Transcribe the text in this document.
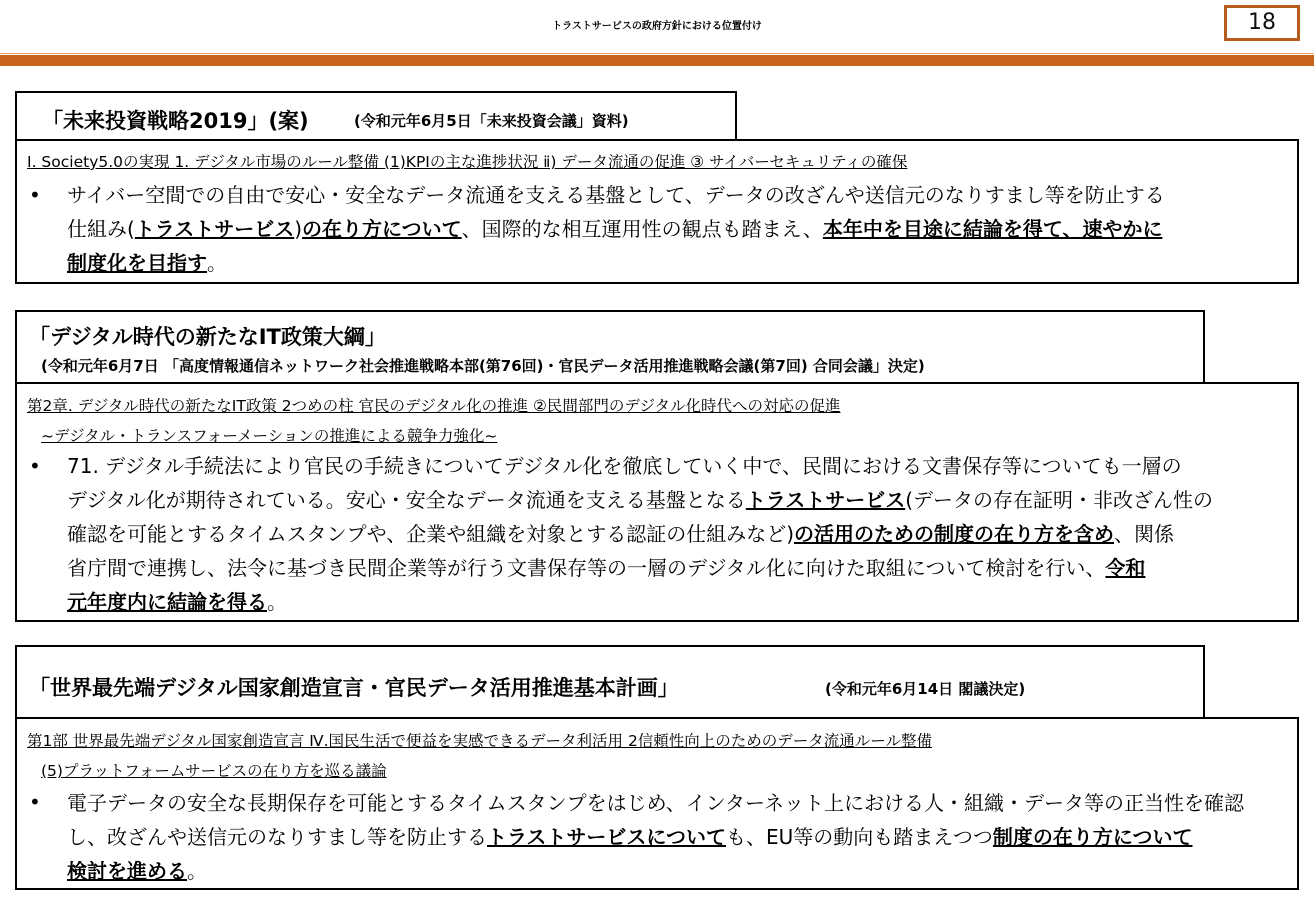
トラストサービスの政府方針における位置付け	18
「未来投資戦略2019」(案)	(令和元年6月5日「未来投資会議」資料)
Ⅰ. Society5.0の実現 1. デジタル市場のルール整備 (1)KPIの主な進捗状況 ⅱ) データ流通の促進 ③ サイバーセキュリティの確保
• サイバー空間での自由で安心・安全なデータ流通を支える基盤として、データの改ざんや送信元のなりすまし等を防止する
仕組み(トラストサービス)の在り方について、国際的な相互運用性の観点も踏まえ、本年中を目途に結論を得て、速やかに
制度化を目指す。
「デジタル時代の新たなIT政策大綱」
(令和元年6月7日 「高度情報通信ネットワーク社会推進戦略本部(第76回)・官民データ活用推進戦略会議(第7回) 合同会議」決定)
第2章. デジタル時代の新たなIT政策 2つめの柱 官民のデジタル化の推進 ②民間部門のデジタル化時代への対応の促進
~デジタル・トランスフォーメーションの推進による競争力強化~
• 71. デジタル手続法により官民の手続きについてデジタル化を徹底していく中で、民間における文書保存等についても一層の
デジタル化が期待されている。安心・安全なデータ流通を支える基盤となるトラストサービス(データの存在証明・非改ざん性の
確認を可能とするタイムスタンプや、企業や組織を対象とする認証の仕組みなど)の活用のための制度の在り方を含め、関係
省庁間で連携し、法令に基づき民間企業等が行う文書保存等の一層のデジタル化に向けた取組について検討を行い、令和
元年度内に結論を得る。
「世界最先端デジタル国家創造宣言・官民データ活用推進基本計画」	(令和元年6月14日 閣議決定)
第1部 世界最先端デジタル国家創造宣言 Ⅳ.国民生活で便益を実感できるデータ利活用 2信頼性向上のためのデータ流通ルール整備
(5)プラットフォームサービスの在り方を巡る議論
• 電子データの安全な長期保存を可能とするタイムスタンプをはじめ、インターネット上における人・組織・データ等の正当性を確認
し、改ざんや送信元のなりすまし等を防止するトラストサービスについても、EU等の動向も踏まえつつ制度の在り方について
検討を進める。
